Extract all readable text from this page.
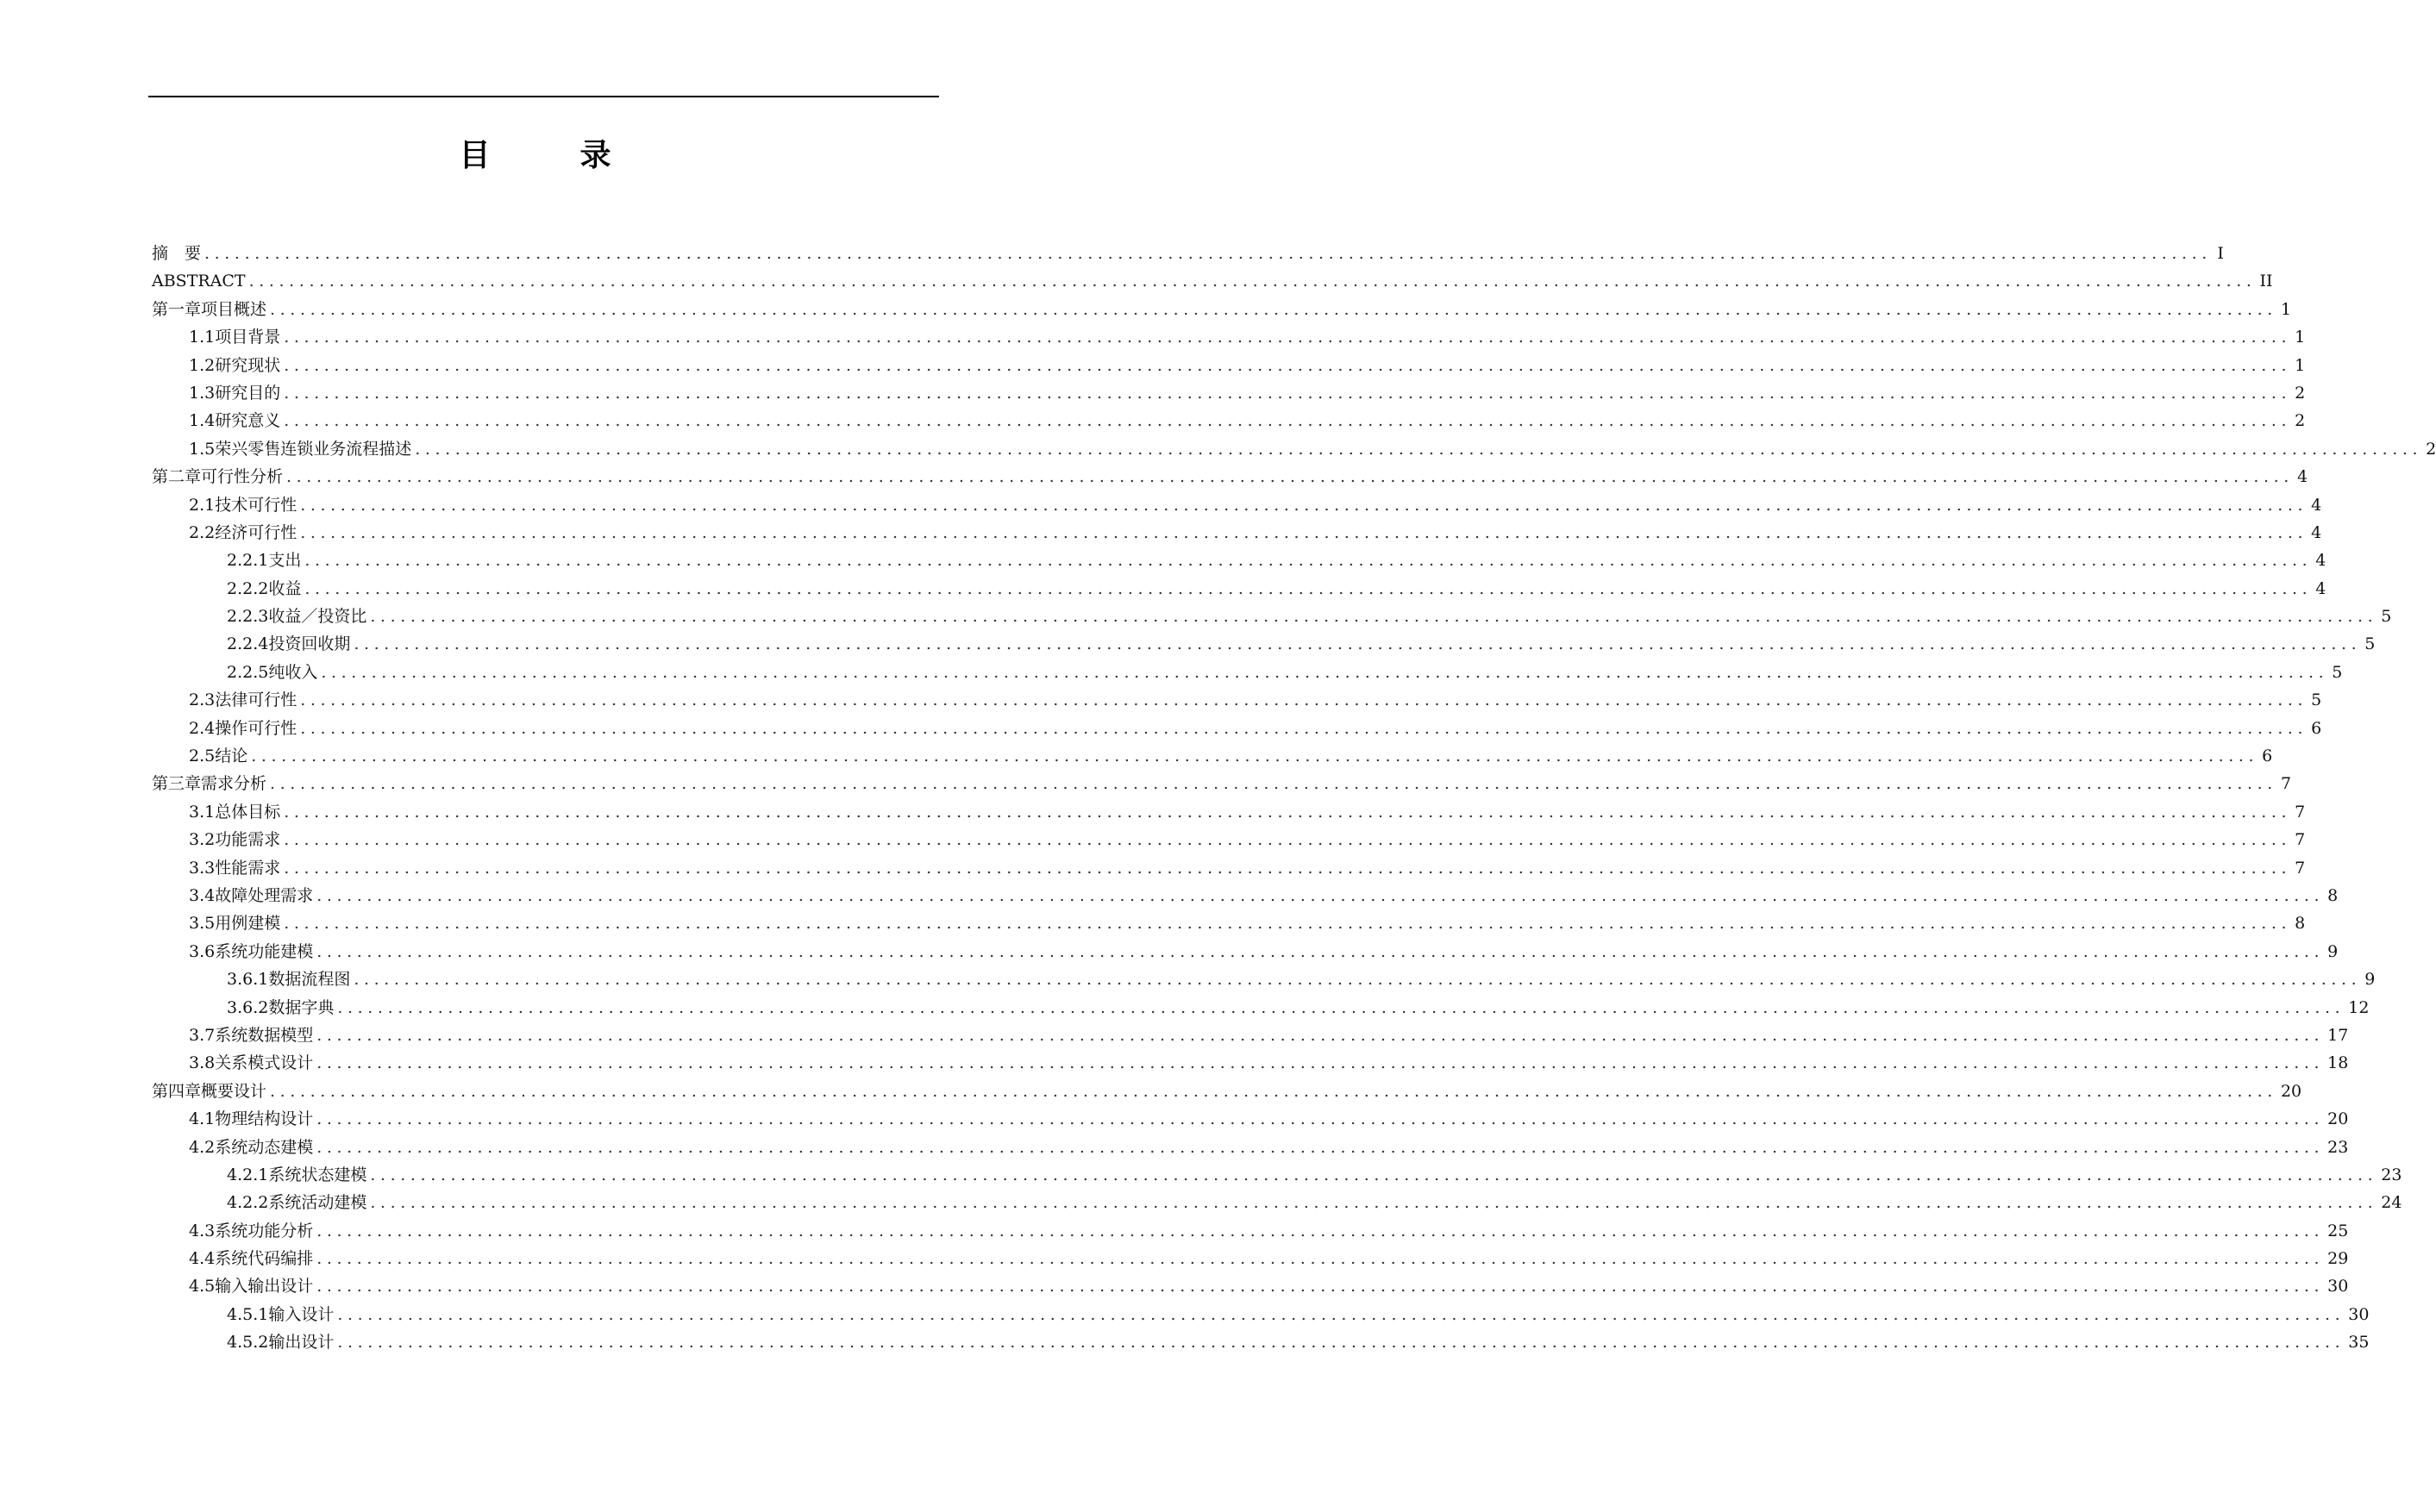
目　录
摘　要 ........................................................................................................................................................................................................ I
ABSTRACT ........................................................................................................................................................................................................ II
第一章 项目概述 ........................................................................................................................................................................................................ 1
1.1 项目背景 ........................................................................................................................................................................................................ 1
1.2 研究现状 ........................................................................................................................................................................................................ 1
1.3 研究目的 ........................................................................................................................................................................................................ 2
1.4 研究意义 ........................................................................................................................................................................................................ 2
1.5 荣兴零售连锁业务流程描述 ........................................................................................................................................................................................................ 2
第二章 可行性分析 ........................................................................................................................................................................................................ 4
2.1 技术可行性 ........................................................................................................................................................................................................ 4
2.2 经济可行性 ........................................................................................................................................................................................................ 4
2.2.1 支出 ........................................................................................................................................................................................................ 4
2.2.2 收益 ........................................................................................................................................................................................................ 4
2.2.3 收益／投资比 ........................................................................................................................................................................................................ 5
2.2.4 投资回收期 ........................................................................................................................................................................................................ 5
2.2.5 纯收入 ........................................................................................................................................................................................................ 5
2.3 法律可行性 ........................................................................................................................................................................................................ 5
2.4 操作可行性 ........................................................................................................................................................................................................ 6
2.5 结论 ........................................................................................................................................................................................................ 6
第三章 需求分析 ........................................................................................................................................................................................................ 7
3.1 总体目标 ........................................................................................................................................................................................................ 7
3.2 功能需求 ........................................................................................................................................................................................................ 7
3.3 性能需求 ........................................................................................................................................................................................................ 7
3.4 故障处理需求 ........................................................................................................................................................................................................ 8
3.5 用例建模 ........................................................................................................................................................................................................ 8
3.6 系统功能建模 ........................................................................................................................................................................................................ 9
3.6.1 数据流程图 ........................................................................................................................................................................................................ 9
3.6.2 数据字典 ........................................................................................................................................................................................................ 12
3.7 系统数据模型 ........................................................................................................................................................................................................ 17
3.8 关系模式设计 ........................................................................................................................................................................................................ 18
第四章 概要设计 ........................................................................................................................................................................................................ 20
4.1 物理结构设计 ........................................................................................................................................................................................................ 20
4.2 系统动态建模 ........................................................................................................................................................................................................ 23
4.2.1 系统状态建模 ........................................................................................................................................................................................................ 23
4.2.2 系统活动建模 ........................................................................................................................................................................................................ 24
4.3 系统功能分析 ........................................................................................................................................................................................................ 25
4.4 系统代码编排 ........................................................................................................................................................................................................ 29
4.5 输入输出设计 ........................................................................................................................................................................................................ 30
4.5.1 输入设计 ........................................................................................................................................................................................................ 30
4.5.2 输出设计 ........................................................................................................................................................................................................ 35
